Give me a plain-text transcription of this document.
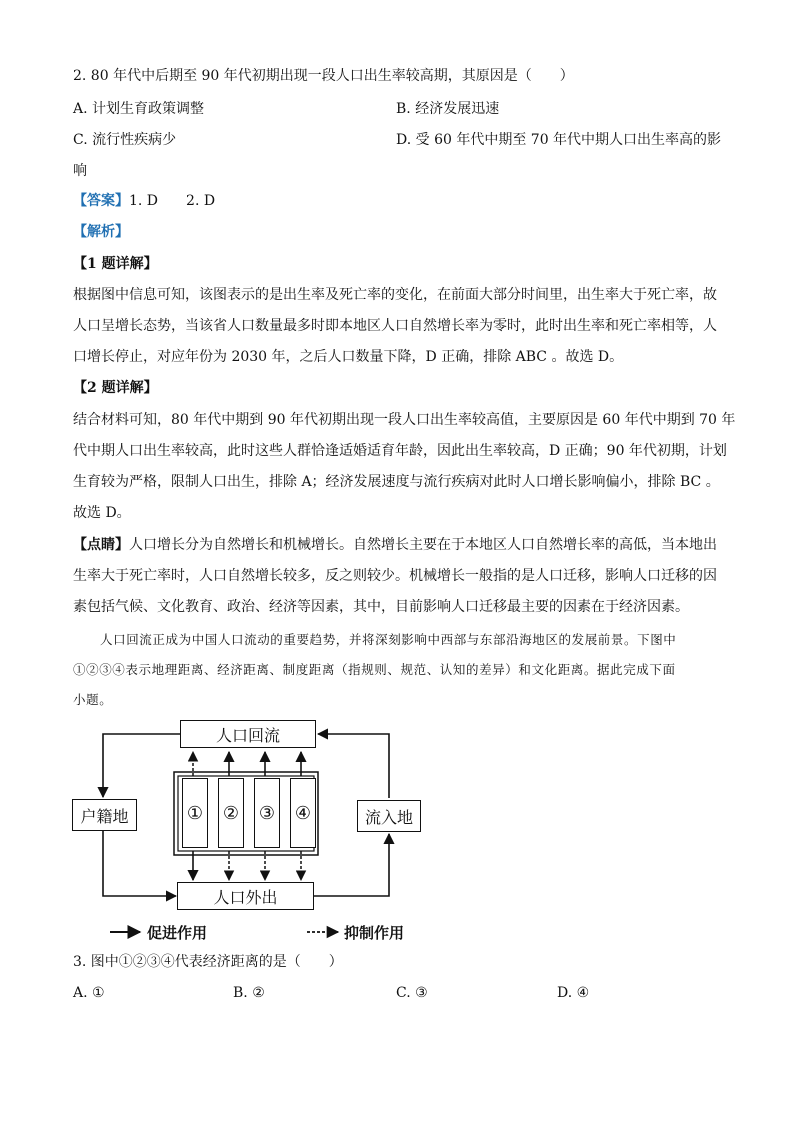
2. 80 年代中后期至 90 年代初期出现一段人口出生率较高期，其原因是（　　）
A. 计划生育政策调整	B. 经济发展迅速
C. 流行性疾病少	D. 受 60 年代中期至 70 年代中期人口出生率高的影
响
【答案】1. D　　2. D
【解析】
【1 题详解】
根据图中信息可知，该图表示的是出生率及死亡率的变化，在前面大部分时间里，出生率大于死亡率，故
人口呈增长态势，当该省人口数量最多时即本地区人口自然增长率为零时，此时出生率和死亡率相等，人
口增长停止，对应年份为 2030 年，之后人口数量下降，D 正确，排除 ABC 。故选 D。
【2 题详解】
结合材料可知，80 年代中期到 90 年代初期出现一段人口出生率较高值，主要原因是 60 年代中期到 70 年
代中期人口出生率较高，此时这些人群恰逢适婚适育年龄，因此出生率较高，D 正确；90 年代初期，计划
生育较为严格，限制人口出生，排除 A；经济发展速度与流行疾病对此时人口增长影响偏小，排除 BC 。
故选 D。
【点睛】人口增长分为自然增长和机械增长。自然增长主要在于本地区人口自然增长率的高低，当本地出
生率大于死亡率时，人口自然增长较多，反之则较少。机械增长一般指的是人口迁移，影响人口迁移的因
素包括气候、文化教育、政治、经济等因素，其中，目前影响人口迁移最主要的因素在于经济因素。
人口回流正成为中国人口流动的重要趋势，并将深刻影响中西部与东部沿海地区的发展前景。下图中
①②③④表示地理距离、经济距离、制度距离（指规则、规范、认知的差异）和文化距离。据此完成下面
小题。
人口回流
人口外出
户籍地	流入地
① ② ③ ④
促进作用	抑制作用
3. 图中①②③④代表经济距离的是（　　）
A. ①	B. ②	C. ③	D. ④
